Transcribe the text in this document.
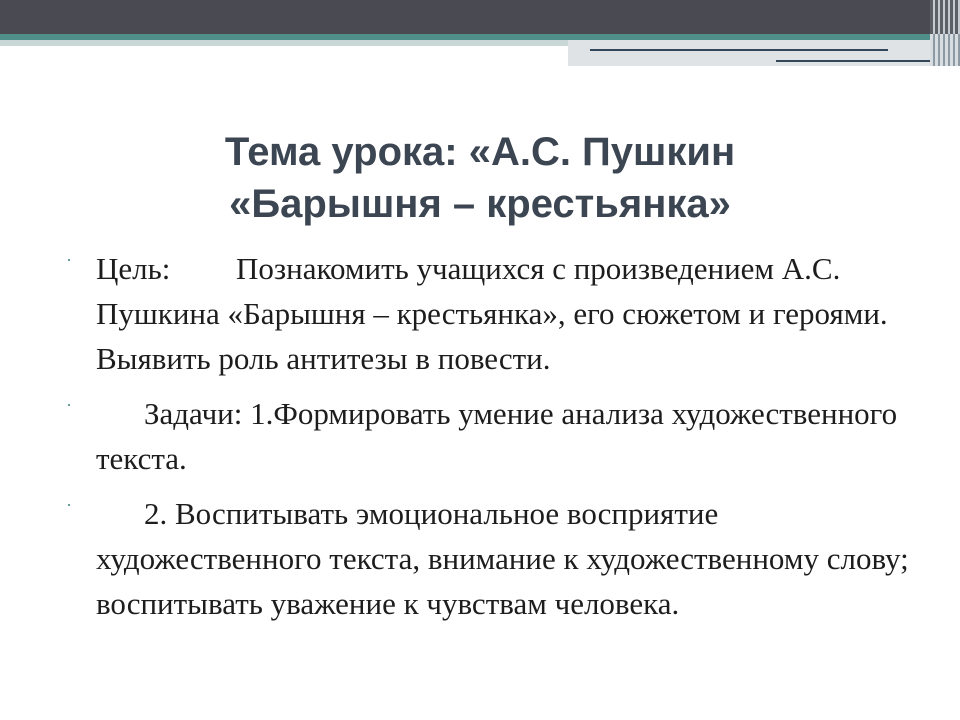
Тема урока: «А.С. Пушкин
«Барышня – крестьянка»
· Цель: Познакомить учащихся с произведением А.С. Пушкина «Барышня – крестьянка», его сюжетом и героями. Выявить роль антитезы в повести.
· Задачи: 1.Формировать умение анализа художественного текста.
· 2. Воспитывать эмоциональное восприятие художественного текста, внимание к художественному слову; воспитывать уважение к чувствам человека.
